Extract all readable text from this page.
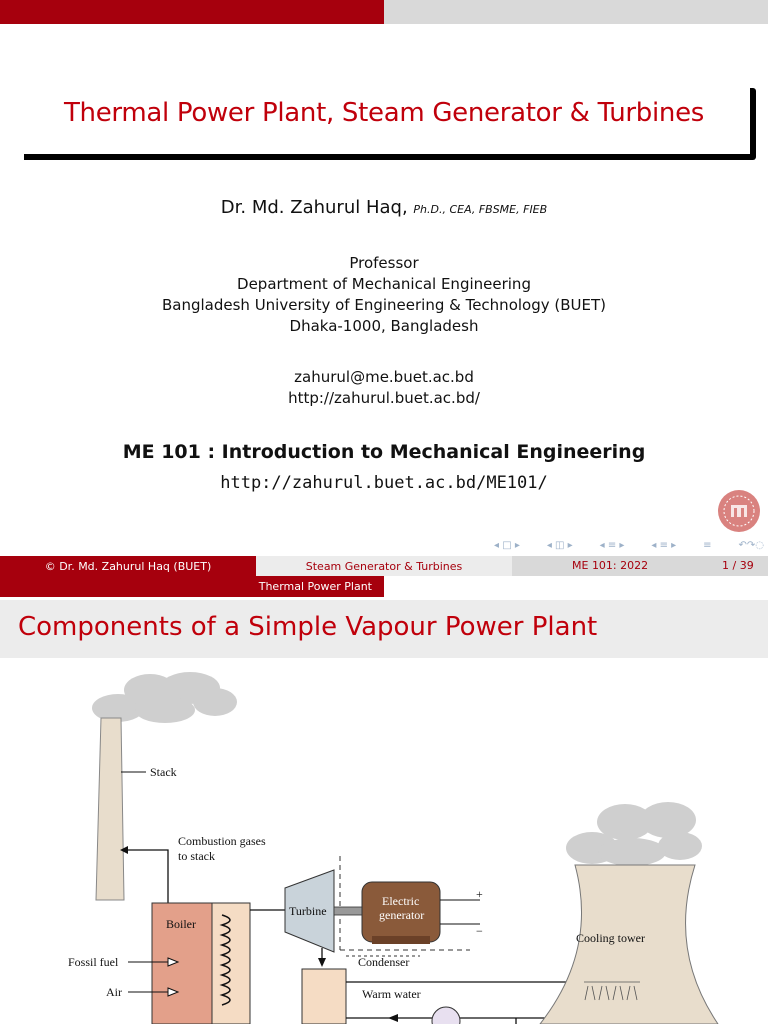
Thermal Power Plant, Steam Generator & Turbines
Dr. Md. Zahurul Haq, Ph.D., CEA, FBSME, FIEB
Professor
Department of Mechanical Engineering
Bangladesh University of Engineering & Technology (BUET)
Dhaka-1000, Bangladesh
zahurul@me.buet.ac.bd
http://zahurul.buet.ac.bd/
ME 101 : Introduction to Mechanical Engineering
http://zahurul.buet.ac.bd/ME101/
◂ □ ▸	◂ ◫ ▸	◂ ≡ ▸	◂ ≡ ▸	≡	↶↷◌
© Dr. Md. Zahurul Haq (BUET)	Steam Generator & Turbines	ME 101: 2022	1 / 39
Thermal Power Plant
Components of a Simple Vapour Power Plant
Stack
Combustion gases
to stack
Boiler
Fossil fuel
Air
Turbine
Electric
generator
+
−
Condenser
Warm water
Cooling tower
